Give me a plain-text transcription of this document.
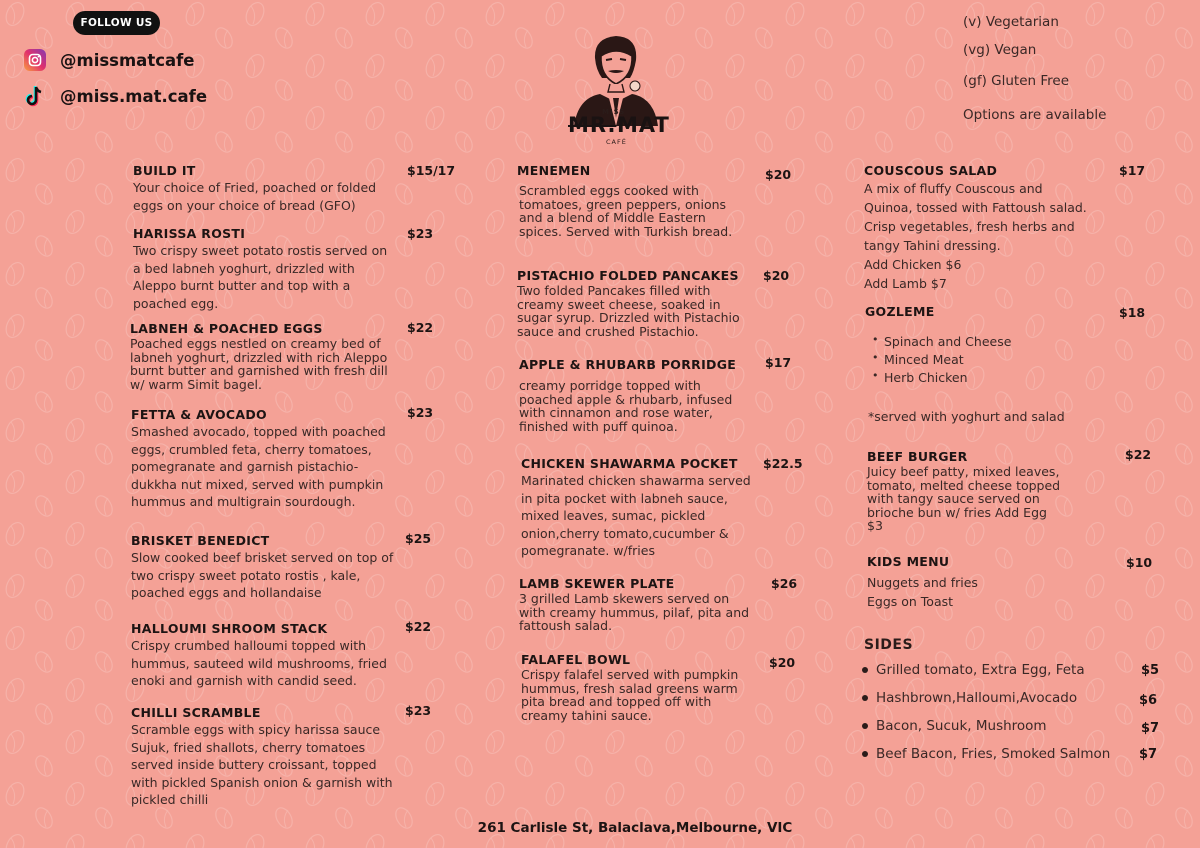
FOLLOW US
@missmatcafe
@miss.mat.cafe
MISS
MR. MAT
CAFÉ
(v) Vegetarian
(vg) Vegan
(gf) Gluten Free
Options are available
BUILD IT
Your choice of Fried, poached or folded eggs on your choice of bread (GFO)
$15/17
HARISSA ROSTI
Two crispy sweet potato rostis served on a bed labneh yoghurt, drizzled with Aleppo burnt butter and top with a poached egg.
$23
LABNEH & POACHED EGGS
Poached eggs nestled on creamy bed of labneh yoghurt, drizzled with rich Aleppo burnt butter and garnished with fresh dill w/ warm Simit bagel.
$22
FETTA & AVOCADO
Smashed avocado, topped with poached eggs, crumbled feta, cherry tomatoes, pomegranate and garnish pistachio-dukkha nut mixed, served with pumpkin hummus and multigrain sourdough.
$23
BRISKET BENEDICT
Slow cooked beef brisket served on top of two crispy sweet potato rostis , kale, poached eggs and hollandaise
$25
HALLOUMI SHROOM STACK
Crispy crumbed halloumi topped with hummus, sauteed wild mushrooms, fried enoki and garnish with candid seed.
$22
CHILLI SCRAMBLE
Scramble eggs with spicy harissa sauce Sujuk, fried shallots, cherry tomatoes served inside buttery croissant, topped with pickled Spanish onion & garnish with pickled chilli
$23
MENEMEN
Scrambled eggs cooked with tomatoes, green peppers, onions and a blend of Middle Eastern spices. Served with Turkish bread.
$20
PISTACHIO FOLDED PANCAKES
Two folded Pancakes filled with creamy sweet cheese, soaked in sugar syrup. Drizzled with Pistachio sauce and crushed Pistachio.
$20
APPLE & RHUBARB PORRIDGE
creamy porridge topped with poached apple & rhubarb, infused with cinnamon and rose water, finished with puff quinoa.
$17
CHICKEN SHAWARMA POCKET
Marinated chicken shawarma served in pita pocket with labneh sauce, mixed leaves, sumac, pickled onion,cherry tomato,cucumber & pomegranate. w/fries
$22.5
LAMB SKEWER PLATE
3 grilled Lamb skewers served on with creamy hummus, pilaf, pita and fattoush salad.
$26
FALAFEL BOWL
Crispy falafel served with pumpkin hummus, fresh salad greens warm pita bread and topped off with creamy tahini sauce.
$20
COUSCOUS SALAD
A mix of fluffy Couscous and Quinoa, tossed with Fattoush salad. Crisp vegetables, fresh herbs and tangy Tahini dressing.
Add Chicken $6
Add Lamb $7
$17
GOZLEME
• Spinach and Cheese
• Minced Meat
• Herb Chicken
*served with yoghurt and salad
$18
BEEF BURGER
Juicy beef patty, mixed leaves, tomato, melted cheese topped with tangy sauce served on brioche bun w/ fries Add Egg $3
$22
KIDS MENU
Nuggets and fries
Eggs on Toast
$10
SIDES
Grilled tomato, Extra Egg, Feta	$5
Hashbrown,Halloumi,Avocado	$6
Bacon, Sucuk, Mushroom	$7
Beef Bacon, Fries, Smoked Salmon $7
261 Carlisle St, Balaclava,Melbourne, VIC
